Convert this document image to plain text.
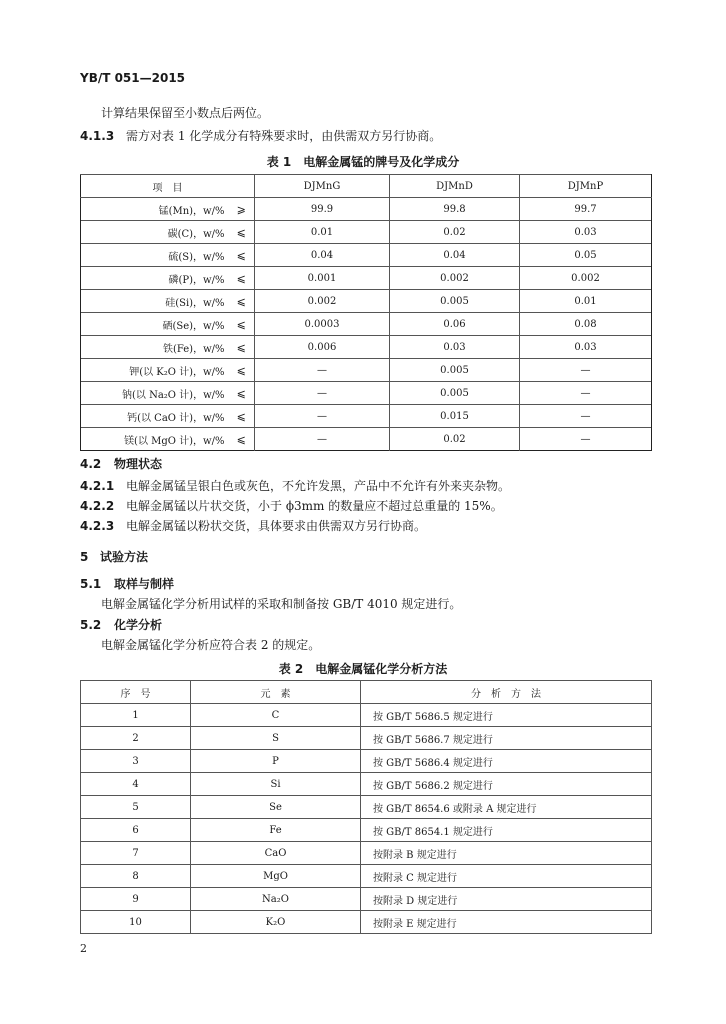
YB/T 051—2015
计算结果保留至小数点后两位。
4.1.3 需方对表 1 化学成分有特殊要求时，由供需双方另行协商。
表 1　电解金属锰的牌号及化学成分
项　目		DJMnG	DJMnD	DJMnP
锰(Mn)，w/%	⩾	99.9	99.8	99.7
碳(C)，w/%	⩽	0.01	0.02	0.03
硫(S)，w/%	⩽	0.04	0.04	0.05
磷(P)，w/%	⩽	0.001	0.002	0.002
硅(Si)，w/%	⩽	0.002	0.005	0.01
硒(Se)，w/%	⩽	0.0003	0.06	0.08
铁(Fe)，w/%	⩽	0.006	0.03	0.03
钾(以 K₂O 计)，w/%	⩽	—	0.005	—
钠(以 Na₂O 计)，w/%	⩽	—	0.005	—
钙(以 CaO 计)，w/%	⩽	—	0.015	—
镁(以 MgO 计)，w/%	⩽	—	0.02	—
4.2 物理状态
4.2.1 电解金属锰呈银白色或灰色，不允许发黑，产品中不允许有外来夹杂物。
4.2.2 电解金属锰以片状交货，小于 ϕ3mm 的数量应不超过总重量的 15%。
4.2.3 电解金属锰以粉状交货，具体要求由供需双方另行协商。
5 试验方法
5.1 取样与制样
电解金属锰化学分析用试样的采取和制备按 GB/T 4010 规定进行。
5.2 化学分析
电解金属锰化学分析应符合表 2 的规定。
表 2　电解金属锰化学分析方法
序　号	元　素	分　析　方　法
1	C	按 GB/T 5686.5 规定进行
2	S	按 GB/T 5686.7 规定进行
3	P	按 GB/T 5686.4 规定进行
4	Si	按 GB/T 5686.2 规定进行
5	Se	按 GB/T 8654.6 或附录 A 规定进行
6	Fe	按 GB/T 8654.1 规定进行
7	CaO	按附录 B 规定进行
8	MgO	按附录 C 规定进行
9	Na₂O	按附录 D 规定进行
10	K₂O	按附录 E 规定进行
2
